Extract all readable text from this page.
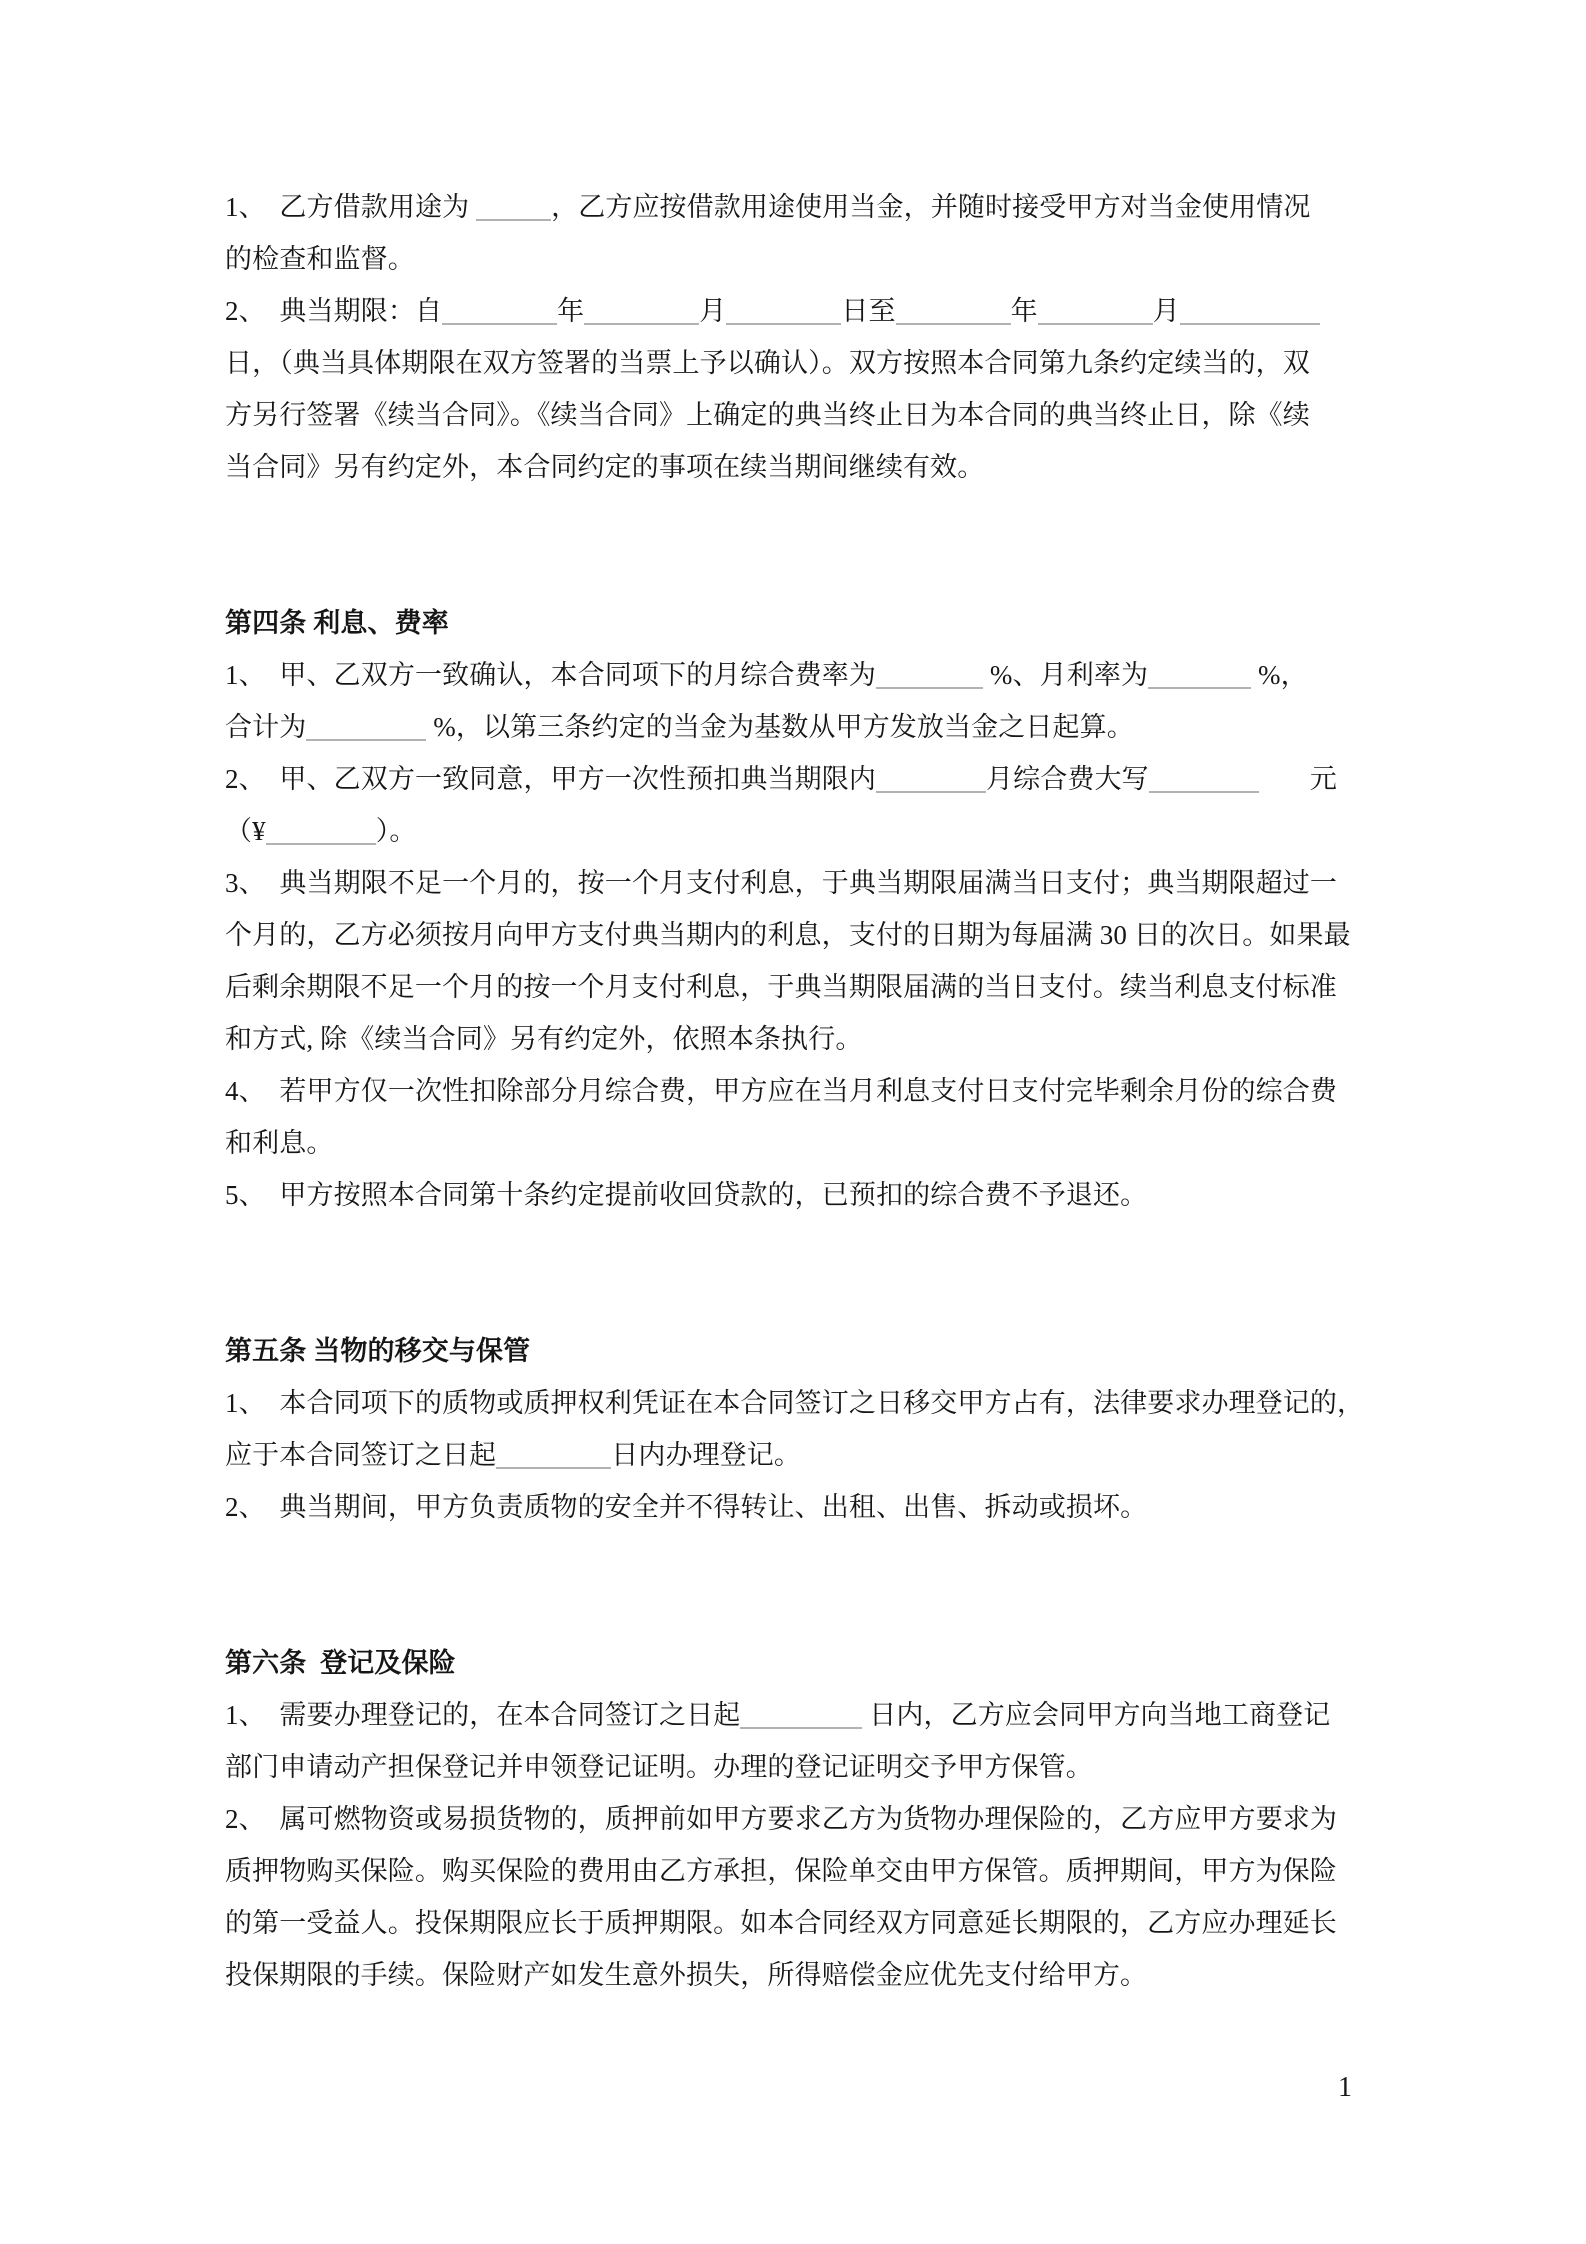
1、　乙方借款用途为	，乙方应按借款用途使用当金，并随时接受甲方对当金使用情况
的检查和监督。
2、　典当期限：自	年	月	日至	年	月
日，（典当具体期限在双方签署的当票上予以确认）。双方按照本合同第九条约定续当的，双
方另行签署《续当合同》。《续当合同》上确定的典当终止日为本合同的典当终止日，除《续
当合同》另有约定外，本合同约定的事项在续当期间继续有效。
第四条 利息、费率
1、　甲、乙双方一致确认，本合同项下的月综合费率为	%、月利率为	%，
合计为	%，以第三条约定的当金为基数从甲方发放当金之日起算。
2、　甲、乙双方一致同意，甲方一次性预扣典当期限内	月综合费大写	元
（¥	）。
3、　典当期限不足一个月的，按一个月支付利息，于典当期限届满当日支付；典当期限超过一
个月的，乙方必须按月向甲方支付典当期内的利息，支付的日期为每届满 30 日的次日。如果最
后剩余期限不足一个月的按一个月支付利息，于典当期限届满的当日支付。续当利息支付标准
和方式, 除《续当合同》另有约定外，依照本条执行。
4、　若甲方仅一次性扣除部分月综合费，甲方应在当月利息支付日支付完毕剩余月份的综合费
和利息。
5、　甲方按照本合同第十条约定提前收回贷款的，已预扣的综合费不予退还。
第五条 当物的移交与保管
1、　本合同项下的质物或质押权利凭证在本合同签订之日移交甲方占有，法律要求办理登记的，
应于本合同签订之日起	日内办理登记。
2、　典当期间，甲方负责质物的安全并不得转让、出租、出售、拆动或损坏。
第六条  登记及保险
1、　需要办理登记的，在本合同签订之日起	日内，乙方应会同甲方向当地工商登记
部门申请动产担保登记并申领登记证明。办理的登记证明交予甲方保管。
2、　属可燃物资或易损货物的，质押前如甲方要求乙方为货物办理保险的，乙方应甲方要求为
质押物购买保险。购买保险的费用由乙方承担，保险单交由甲方保管。质押期间，甲方为保险
的第一受益人。投保期限应长于质押期限。如本合同经双方同意延长期限的，乙方应办理延长
投保期限的手续。保险财产如发生意外损失，所得赔偿金应优先支付给甲方。
1
